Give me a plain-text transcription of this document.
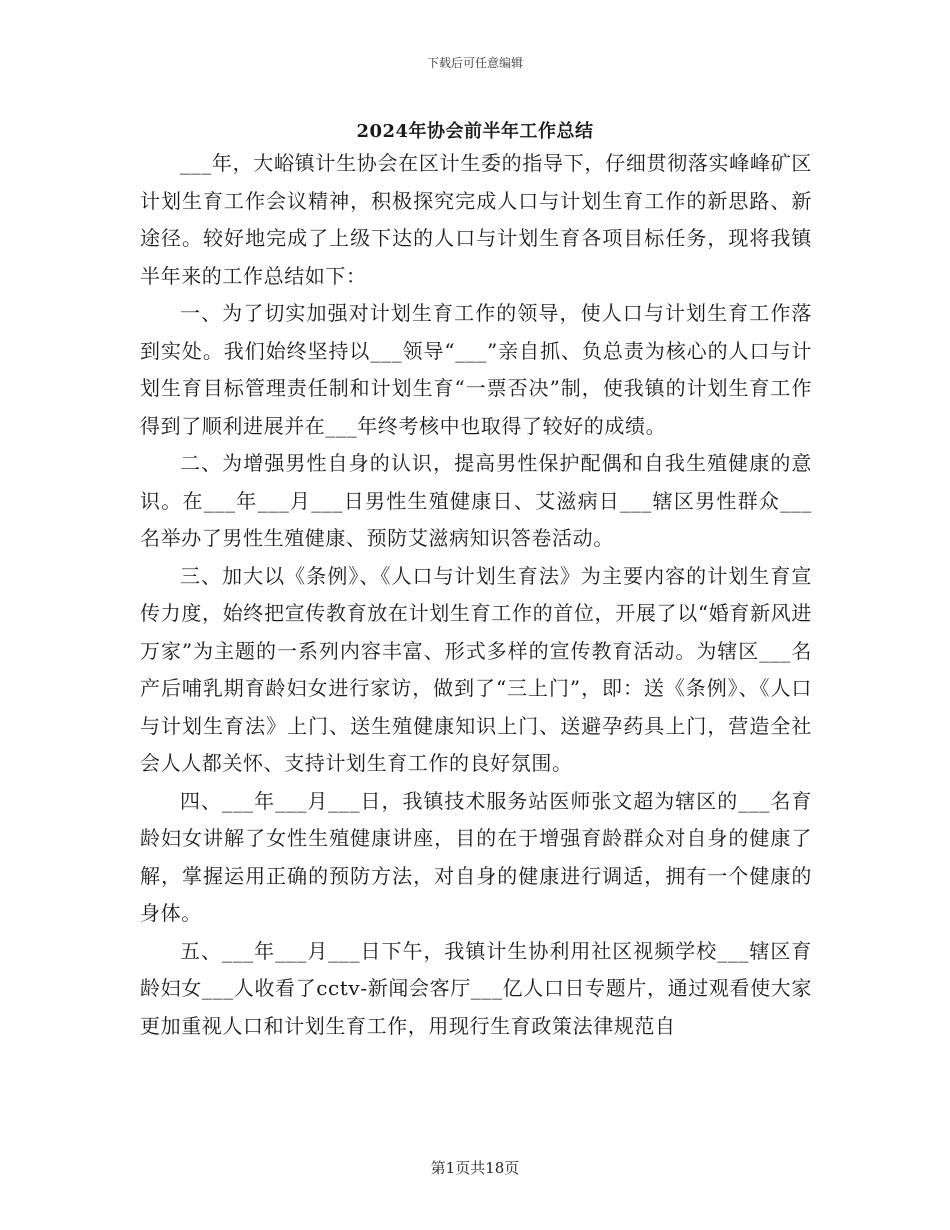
下载后可任意编辑
2024年协会前半年工作总结

___年，大峪镇计生协会在区计生委的指导下，仔细贯彻落实峰峰矿区计划生育工作会议精神，积极探究完成人口与计划生育工作的新思路、新途径。较好地完成了上级下达的人口与计划生育各项目标任务，现将我镇半年来的工作总结如下：

一、为了切实加强对计划生育工作的领导，使人口与计划生育工作落到实处。我们始终坚持以___领导“___”亲自抓、负总责为核心的人口与计划生育目标管理责任制和计划生育“一票否决”制，使我镇的计划生育工作得到了顺利进展并在___年终考核中也取得了较好的成绩。

二、为增强男性自身的认识，提高男性保护配偶和自我生殖健康的意识。在___年___月___日男性生殖健康日、艾滋病日___辖区男性群众___名举办了男性生殖健康、预防艾滋病知识答卷活动。

三、加大以《条例》、《人口与计划生育法》为主要内容的计划生育宣传力度，始终把宣传教育放在计划生育工作的首位，开展了以“婚育新风进万家”为主题的一系列内容丰富、形式多样的宣传教育活动。为辖区___名产后哺乳期育龄妇女进行家访，做到了“三上门”，即：送《条例》、《人口与计划生育法》上门、送生殖健康知识上门、送避孕药具上门，营造全社会人人都关怀、支持计划生育工作的良好氛围。

四、___年___月___日，我镇技术服务站医师张文超为辖区的___名育龄妇女讲解了女性生殖健康讲座，目的在于增强育龄群众对自身的健康了解，掌握运用正确的预防方法，对自身的健康进行调适，拥有一个健康的身体。

五、___年___月___日下午，我镇计生协利用社区视频学校___辖区育龄妇女___人收看了cctv-新闻会客厅___亿人口日专题片，通过观看使大家更加重视人口和计划生育工作，用现行生育政策法律规范自

第1页共18页
